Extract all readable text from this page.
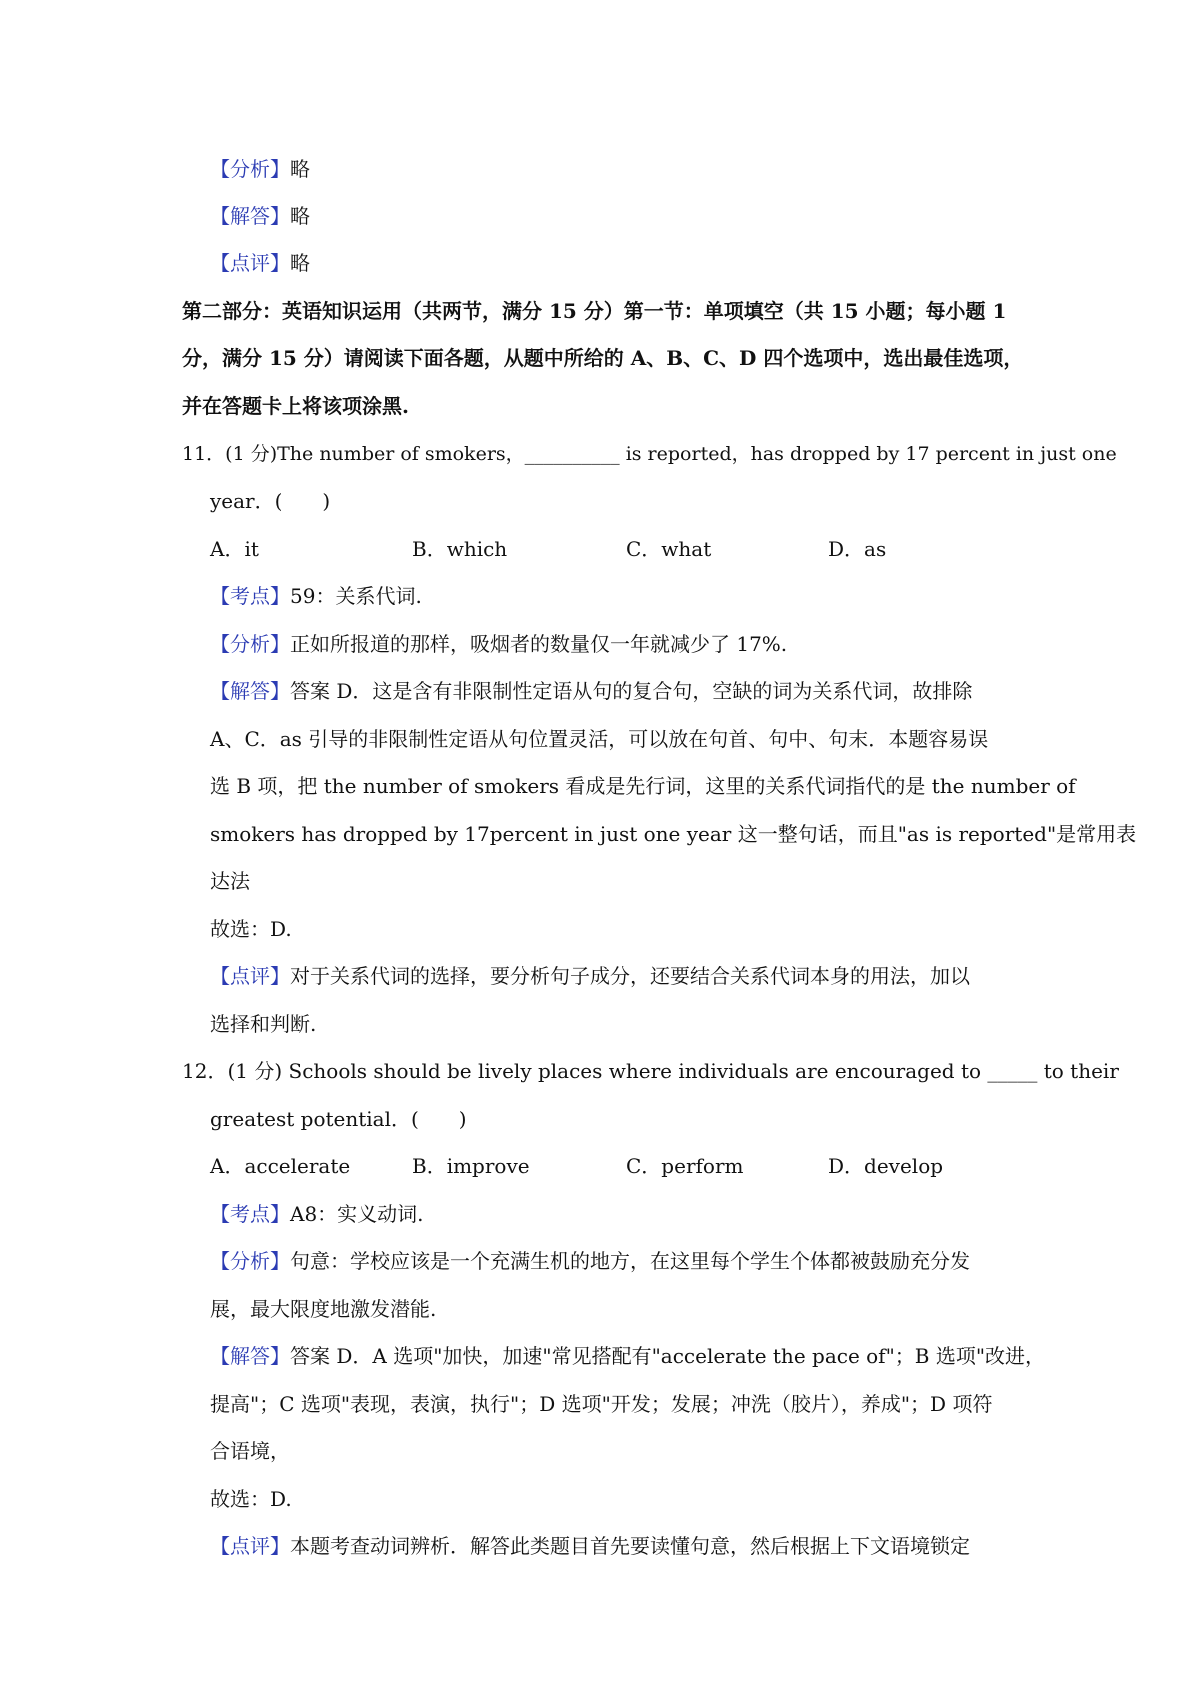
【分析】略
【解答】略
【点评】略
第二部分：英语知识运用（共两节，满分 15 分）第一节：单项填空（共 15 小题；每小题 1
分，满分 15 分）请阅读下面各题，从题中所给的 A、B、C、D 四个选项中，选出最佳选项，
并在答题卡上将该项涂黑.
11．(1 分)The number of smokers，__________ is reported，has dropped by 17 percent in just one
year．(　　)
A．it	B．which	C．what	D．as
【考点】59：关系代词.
【分析】正如所报道的那样，吸烟者的数量仅一年就减少了 17%.
【解答】答案 D．这是含有非限制性定语从句的复合句，空缺的词为关系代词，故排除
A、C．as 引导的非限制性定语从句位置灵活，可以放在句首、句中、句末．本题容易误
选 B 项，把 the number of smokers 看成是先行词，这里的关系代词指代的是 the number of
smokers has dropped by 17percent in just one year 这一整句话，而且"as is reported"是常用表
达法
故选：D.
【点评】对于关系代词的选择，要分析句子成分，还要结合关系代词本身的用法，加以
选择和判断.
12．(1 分) Schools should be lively places where individuals are encouraged to _____ to their
greatest potential．(　　)
A．accelerate	B．improve	C．perform	D．develop
【考点】A8：实义动词.
【分析】句意：学校应该是一个充满生机的地方，在这里每个学生个体都被鼓励充分发
展，最大限度地激发潜能.
【解答】答案 D．A 选项"加快，加速"常见搭配有"accelerate the pace of"；B 选项"改进，
提高"；C 选项"表现，表演，执行"；D 选项"开发；发展；冲洗（胶片），养成"；D 项符
合语境，
故选：D.
【点评】本题考查动词辨析．解答此类题目首先要读懂句意，然后根据上下文语境锁定
